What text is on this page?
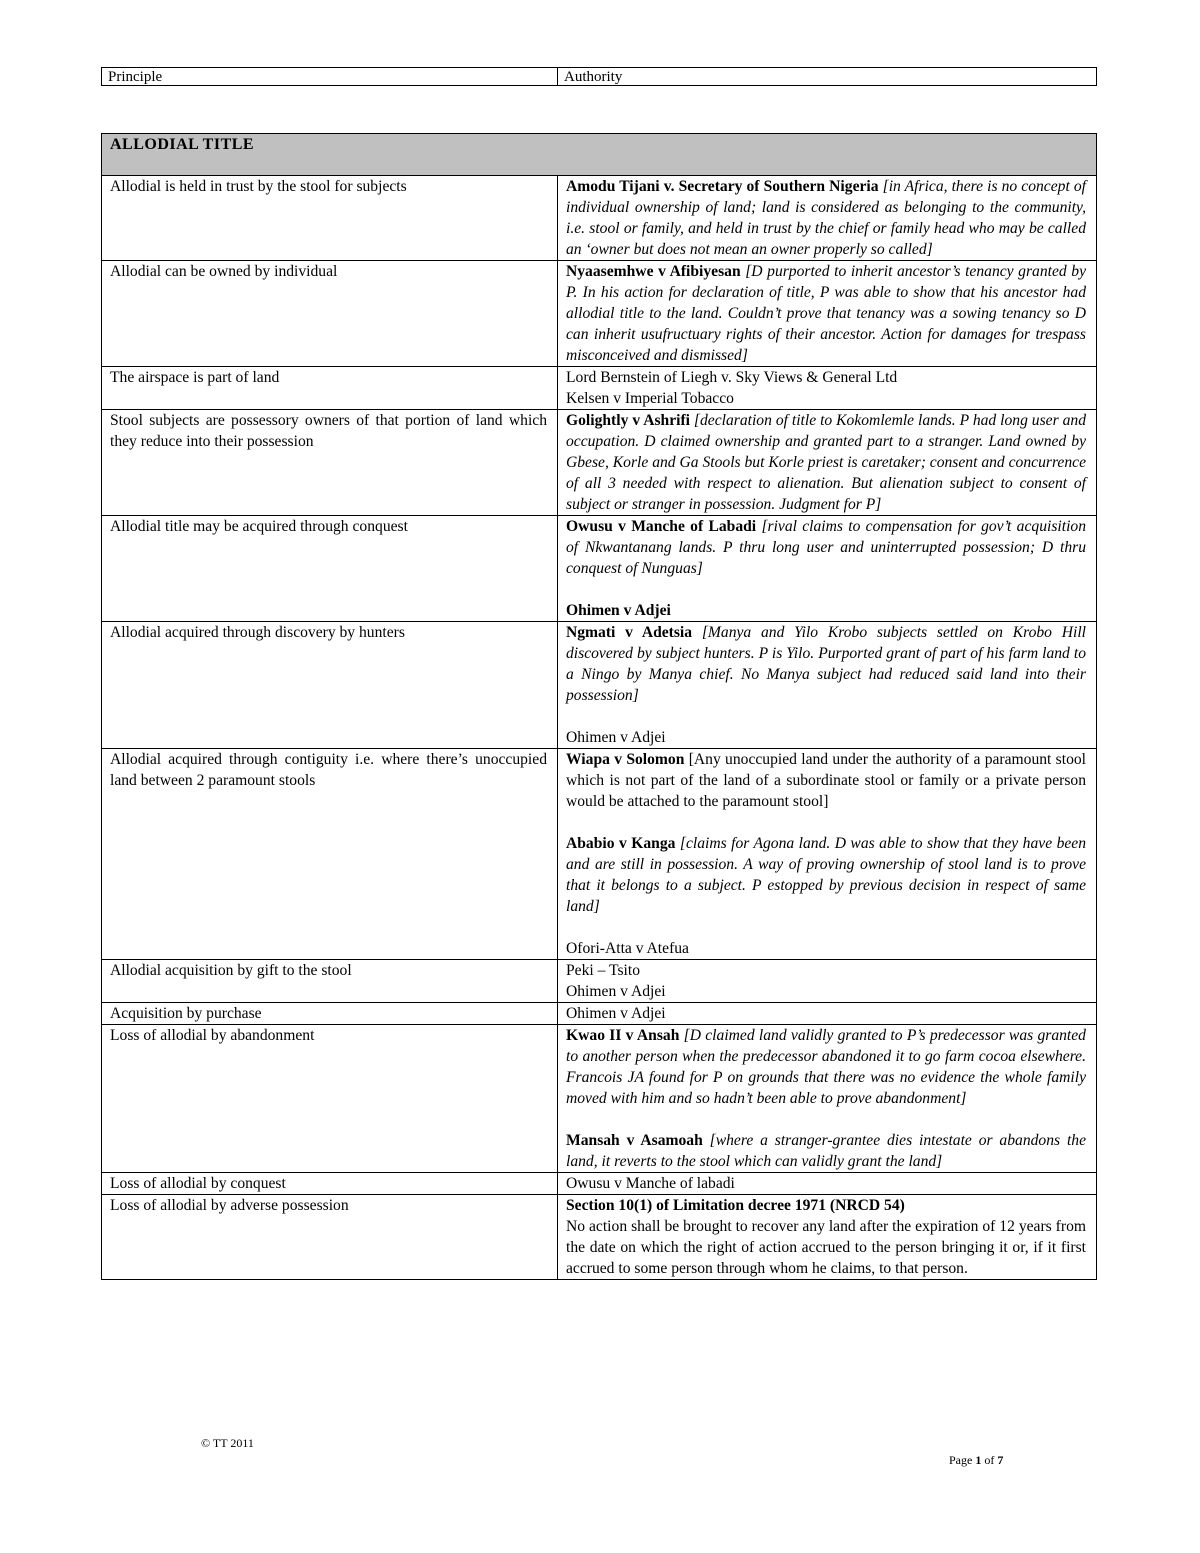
Principle	Authority
ALLODIAL TITLE	
Allodial is held in trust by the stool for subjects	Amodu Tijani v. Secretary of Southern Nigeria [in Africa, there is no concept of individual ownership of land; land is considered as belonging to the community, i.e. stool or family, and held in trust by the chief or family head who may be called an ‘owner but does not mean an owner properly so called]

Allodial can be owned by individual	Nyaasemhwe v Afibiyesan [D purported to inherit ancestor’s tenancy granted by P. In his action for declaration of title, P was able to show that his ancestor had allodial title to the land. Couldn’t prove that tenancy was a sowing tenancy so D can inherit usufructuary rights of their ancestor. Action for damages for trespass misconceived and dismissed]

The airspace is part of land	Lord Bernstein of Liegh v. Sky Views & General Ltd
Kelsen v Imperial Tobacco

Stool subjects are possessory owners of that portion of land which they reduce into their possession	Golightly v Ashrifi [declaration of title to Kokomlemle lands. P had long user and occupation. D claimed ownership and granted part to a stranger. Land owned by Gbese, Korle and Ga Stools but Korle priest is caretaker; consent and concurrence of all 3 needed with respect to alienation. But alienation subject to consent of subject or stranger in possession. Judgment for P]

Allodial title may be acquired through conquest	Owusu v Manche of Labadi [rival claims to compensation for gov’t acquisition of Nkwantanang lands. P thru long user and uninterrupted possession; D thru conquest of Nunguas]
Ohimen v Adjei

Allodial acquired through discovery by hunters	Ngmati v Adetsia [Manya and Yilo Krobo subjects settled on Krobo Hill discovered by subject hunters. P is Yilo. Purported grant of part of his farm land to a Ningo by Manya chief. No Manya subject had reduced said land into their possession]
Ohimen v Adjei

Allodial acquired through contiguity i.e. where there’s unoccupied land between 2 paramount stools	Wiapa v Solomon [Any unoccupied land under the authority of a paramount stool which is not part of the land of a subordinate stool or family or a private person would be attached to the paramount stool]
Ababio v Kanga [claims for Agona land. D was able to show that they have been and are still in possession. A way of proving ownership of stool land is to prove that it belongs to a subject. P estopped by previous decision in respect of same land]
Ofori-Atta v Atefua

Allodial acquisition by gift to the stool	Peki – Tsito
Ohimen v Adjei

Acquisition by purchase	Ohimen v Adjei

Loss of allodial by abandonment	Kwao II v Ansah [D claimed land validly granted to P’s predecessor was granted to another person when the predecessor abandoned it to go farm cocoa elsewhere. Francois JA found for P on grounds that there was no evidence the whole family moved with him and so hadn’t been able to prove abandonment]
Mansah v Asamoah [where a stranger-grantee dies intestate or abandons the land, it reverts to the stool which can validly grant the land]

Loss of allodial by conquest	Owusu v Manche of labadi

Loss of allodial by adverse possession	Section 10(1) of Limitation decree 1971 (NRCD 54)
No action shall be brought to recover any land after the expiration of 12 years from the date on which the right of action accrued to the person bringing it or, if it first accrued to some person through whom he claims, to that person.
© TT 2011
Page 1 of 7
